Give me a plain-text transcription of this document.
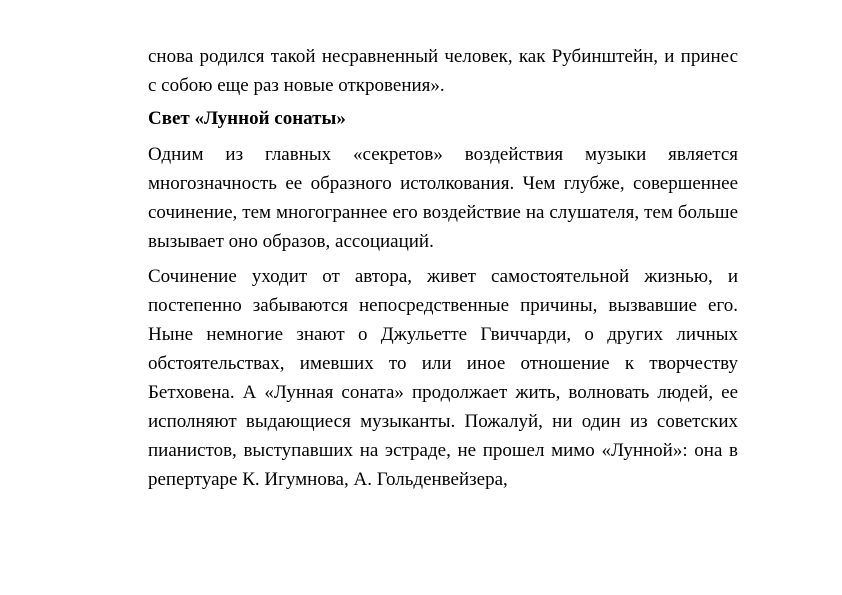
снова родился такой несравненный человек, как Рубинштейн, и принес с собою еще раз новые откровения».

Свет «Лунной сонаты»

Одним из главных «секретов» воздействия музыки является многозначность ее образного истолкования. Чем глубже, совершеннее сочинение, тем многограннее его воздействие на слушателя, тем больше вызывает оно образов, ассоциаций.

Сочинение уходит от автора, живет самостоятельной жизнью, и постепенно забываются непосредственные причины, вызвавшие его. Ныне немногие знают о Джульетте Гвиччарди, о других личных обстоятельствах, имевших то или иное отношение к творчеству Бетховена. А «Лунная соната» продолжает жить, волновать людей, ее исполняют выдающиеся музыканты. Пожалуй, ни один из советских пианистов, выступавших на эстраде, не прошел мимо «Лунной»: она в репертуаре К. Игумнова, А. Гольденвейзера,
